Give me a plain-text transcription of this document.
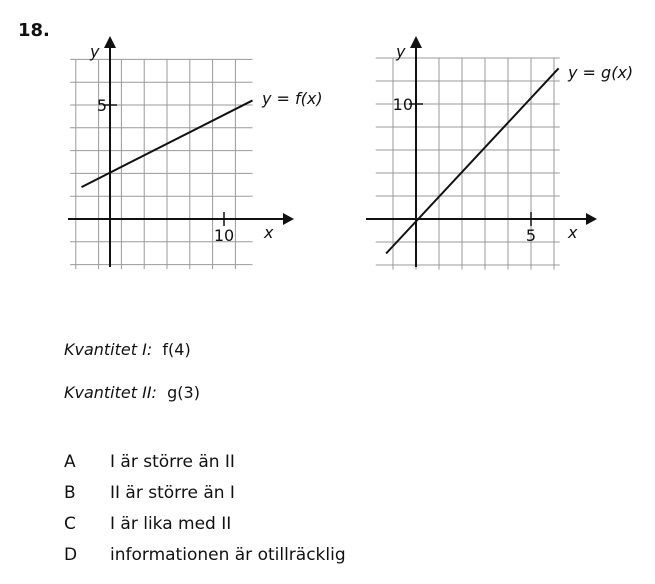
18.
10
5
x
y
y = f(x)
5
10
x
y
y = g(x)
Kvantitet I: f(4)
Kvantitet II: g(3)
A	I är större än II
B	II är större än I
C	I är lika med II
D	informationen är otillräcklig
